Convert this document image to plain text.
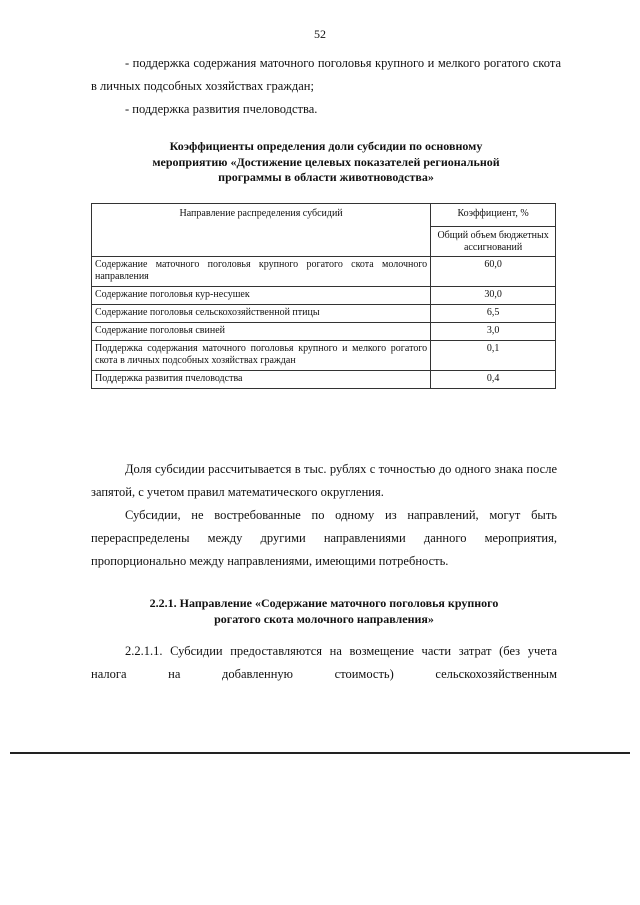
52

- поддержка содержания маточного поголовья крупного и мелкого рогатого скота в личных подсобных хозяйствах граждан;

- поддержка развития пчеловодства.

Коэффициенты определения доли субсидии по основному

мероприятию «Достижение целевых показателей региональной

программы в области животноводства»

Направление распределения субсидий	Коэффициент, %
	Общий объем бюджетных ассигнований
Содержание маточного поголовья крупного рогатого скота молочного направления	60,0
Содержание поголовья кур-несушек	30,0
Содержание поголовья сельскохозяйственной птицы	6,5
Содержание поголовья свиней	3,0
Поддержка содержания маточного поголовья крупного и мелкого рогатого скота в личных подсобных хозяйствах граждан	0,1
Поддержка развития пчеловодства	0,4

Доля субсидии рассчитывается в тыс. рублях с точностью до одного знака после запятой, с учетом правил математического округления.

Субсидии, не востребованные по одному из направлений, могут быть перераспределены между другими направлениями данного мероприятия, пропорционально между направлениями, имеющими потребность.

2.2.1. Направление «Содержание маточного поголовья крупного

рогатого скота молочного направления»

2.2.1.1. Субсидии предоставляются на возмещение части затрат (без учета налога на добавленную стоимость) сельскохозяйственным
